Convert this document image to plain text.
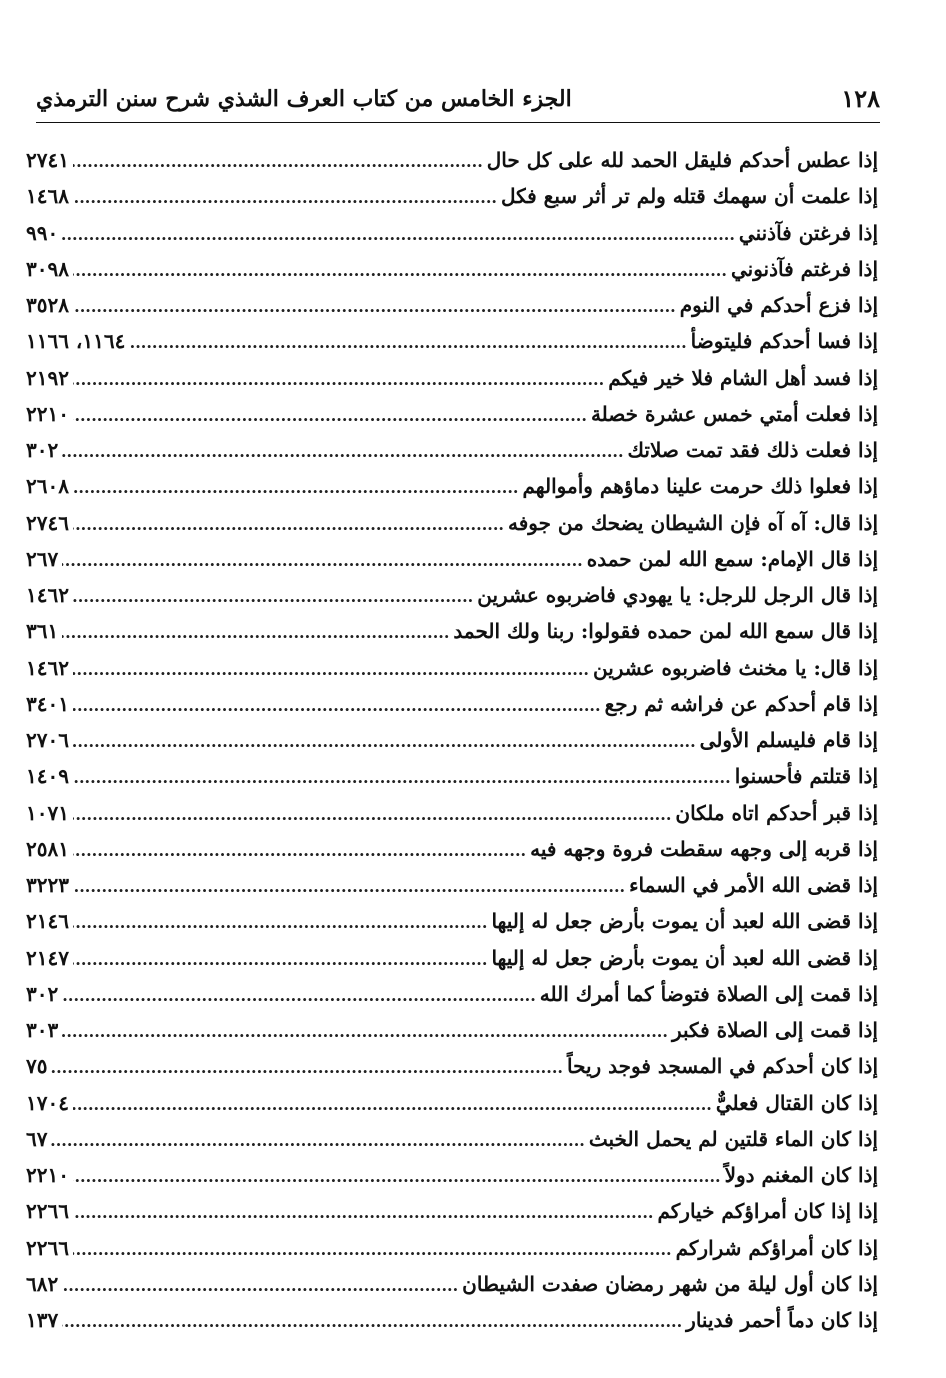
١٢٨
الجزء الخامس من كتاب العرف الشذي شرح سنن الترمذي
إذا عطس أحدكم فليقل الحمد لله على كل حال
.....
٢٧٤١
إذا علمت أن سهمك قتله ولم تر أثر سبع فكل
.....
١٤٦٨
إذا فرغتن فآذنني
.....
٩٩٠
إذا فرغتم فآذنوني
.....
٣٠٩٨
إذا فزع أحدكم في النوم
.....
٣٥٢٨
إذا فسا أحدكم فليتوضأ
.....
١١٦٤، ١١٦٦
إذا فسد أهل الشام فلا خير فيكم
.....
٢١٩٢
إذا فعلت أمتي خمس عشرة خصلة
.....
٢٢١٠
إذا فعلت ذلك فقد تمت صلاتك
.....
٣٠٢
إذا فعلوا ذلك حرمت علينا دماؤهم وأموالهم
.....
٢٦٠٨
إذا قال: آه آه فإن الشيطان يضحك من جوفه
.....
٢٧٤٦
إذا قال الإمام: سمع الله لمن حمده
.....
٢٦٧
إذا قال الرجل للرجل: يا يهودي فاضربوه عشرين
.....
١٤٦٢
إذا قال سمع الله لمن حمده فقولوا: ربنا ولك الحمد
.....
٣٦١
إذا قال: يا مخنث فاضربوه عشرين
.....
١٤٦٢
إذا قام أحدكم عن فراشه ثم رجع
.....
٣٤٠١
إذا قام فليسلم الأولى
.....
٢٧٠٦
إذا قتلتم فأحسنوا
.....
١٤٠٩
إذا قبر أحدكم اتاه ملكان
.....
١٠٧١
إذا قربه إلى وجهه سقطت فروة وجهه فيه
.....
٢٥٨١
إذا قضى الله الأمر في السماء
.....
٣٢٢٣
إذا قضى الله لعبد أن يموت بأرض جعل له إليها
.....
٢١٤٦
إذا قضى الله لعبد أن يموت بأرض جعل له إليها
.....
٢١٤٧
إذا قمت إلى الصلاة فتوضأ كما أمرك الله
.....
٣٠٢
إذا قمت إلى الصلاة فكبر
.....
٣٠٣
إذا كان أحدكم في المسجد فوجد ريحاً
.....
٧٥
إذا كان القتال فعليٌّ
.....
١٧٠٤
إذا كان الماء قلتين لم يحمل الخبث
.....
٦٧
إذا كان المغنم دولاً
.....
٢٢١٠
إذا إذا كان أمراؤكم خياركم
.....
٢٢٦٦
إذا كان أمراؤكم شراركم
.....
٢٢٦٦
إذا كان أول ليلة من شهر رمضان صفدت الشيطان
.....
٦٨٢
إذا كان دماً أحمر فدينار
.....
١٣٧
